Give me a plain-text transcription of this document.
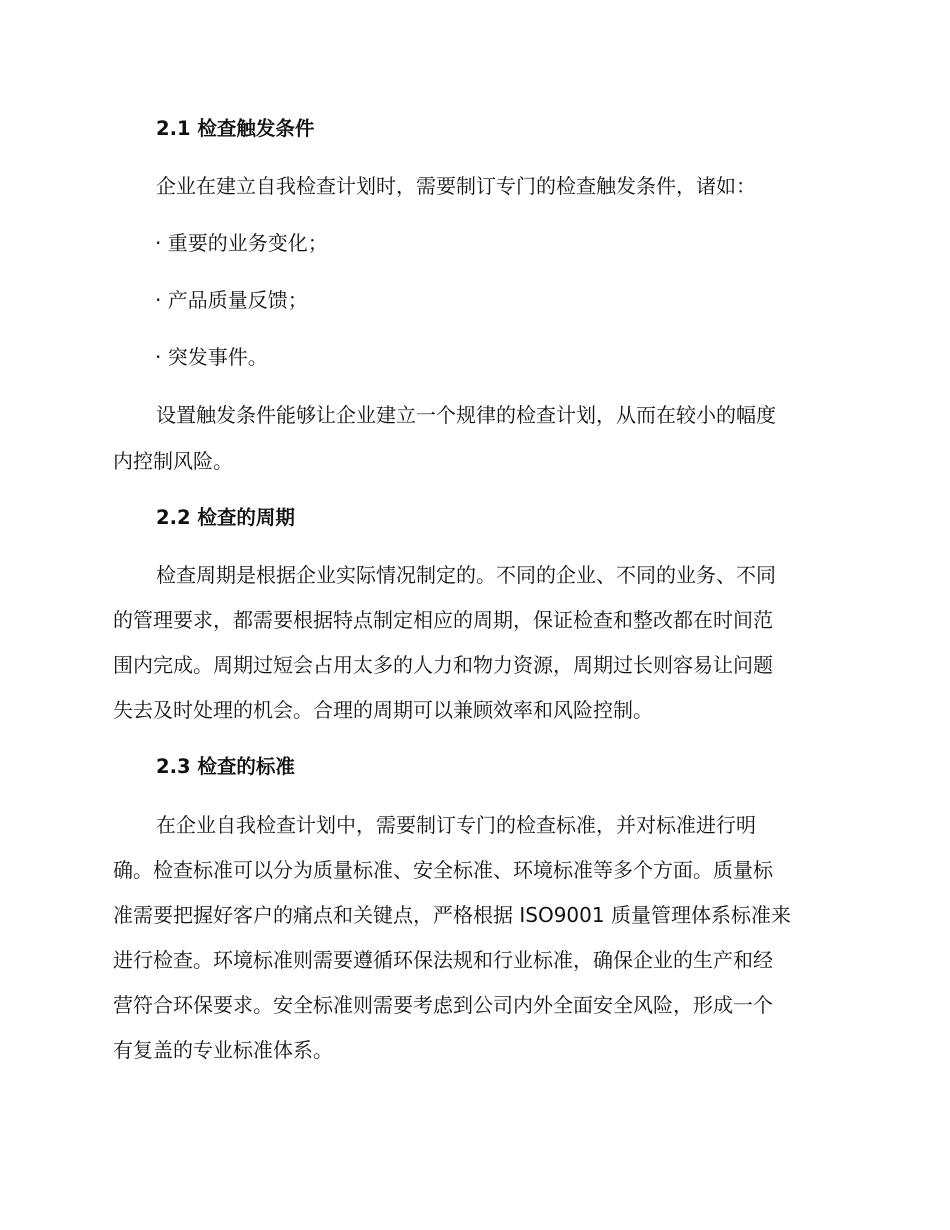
2.1 检查触发条件
企业在建立自我检查计划时，需要制订专门的检查触发条件，诸如：
· 重要的业务变化；
· 产品质量反馈；
· 突发事件。
设置触发条件能够让企业建立一个规律的检查计划，从而在较小的幅度
内控制风险。
2.2 检查的周期
检查周期是根据企业实际情况制定的。不同的企业、不同的业务、不同
的管理要求，都需要根据特点制定相应的周期，保证检查和整改都在时间范
围内完成。周期过短会占用太多的人力和物力资源，周期过长则容易让问题
失去及时处理的机会。合理的周期可以兼顾效率和风险控制。
2.3 检查的标准
在企业自我检查计划中，需要制订专门的检查标准，并对标准进行明
确。检查标准可以分为质量标准、安全标准、环境标准等多个方面。质量标
准需要把握好客户的痛点和关键点，严格根据 ISO9001 质量管理体系标准来
进行检查。环境标准则需要遵循环保法规和行业标准，确保企业的生产和经
营符合环保要求。安全标准则需要考虑到公司内外全面安全风险，形成一个
有复盖的专业标准体系。
